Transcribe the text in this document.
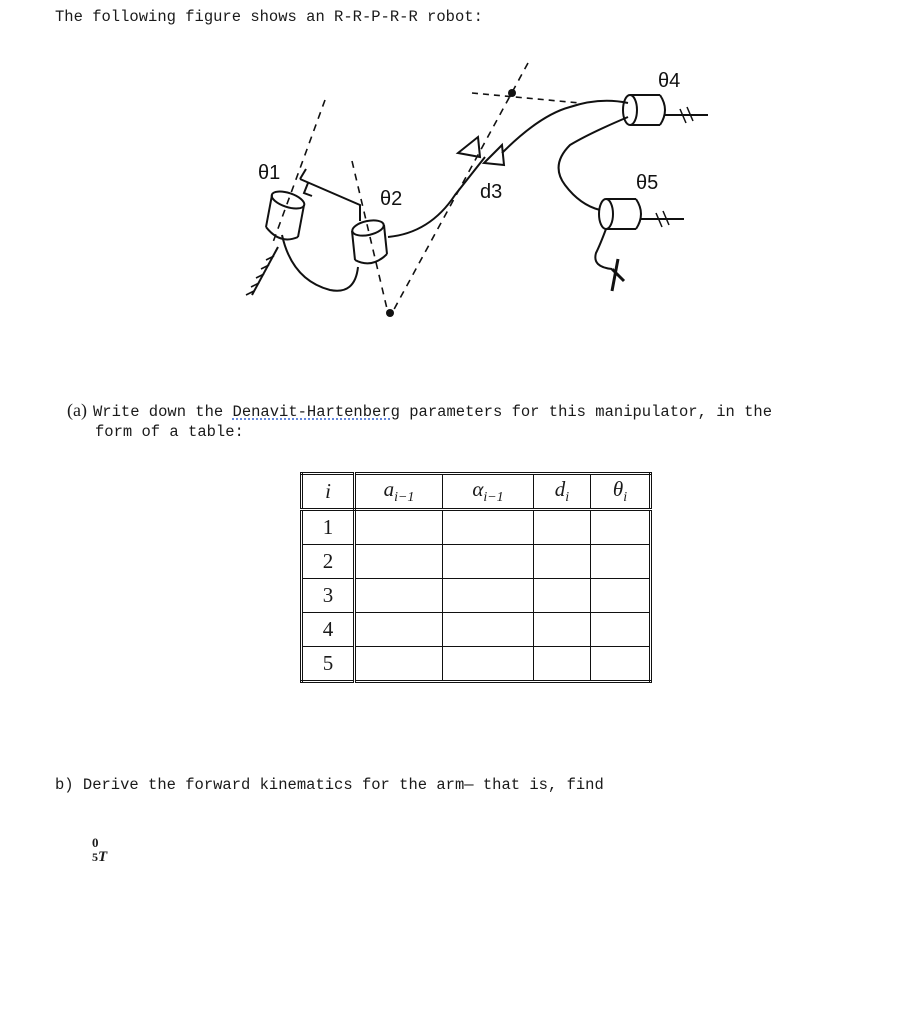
The following figure shows an R-R-P-R-R robot:
θ1
θ2	d3
θ4
θ5
(a) Write down the Denavit-Hartenberg parameters for this manipulator, in the
form of a table:
i	$a_{i-1}$	$\alpha_{i-1}$	$d_i$	$\theta_i$
1				
2				
3				
4				
5				
b) Derive the forward kinematics for the arm— that is, find
0
5T
